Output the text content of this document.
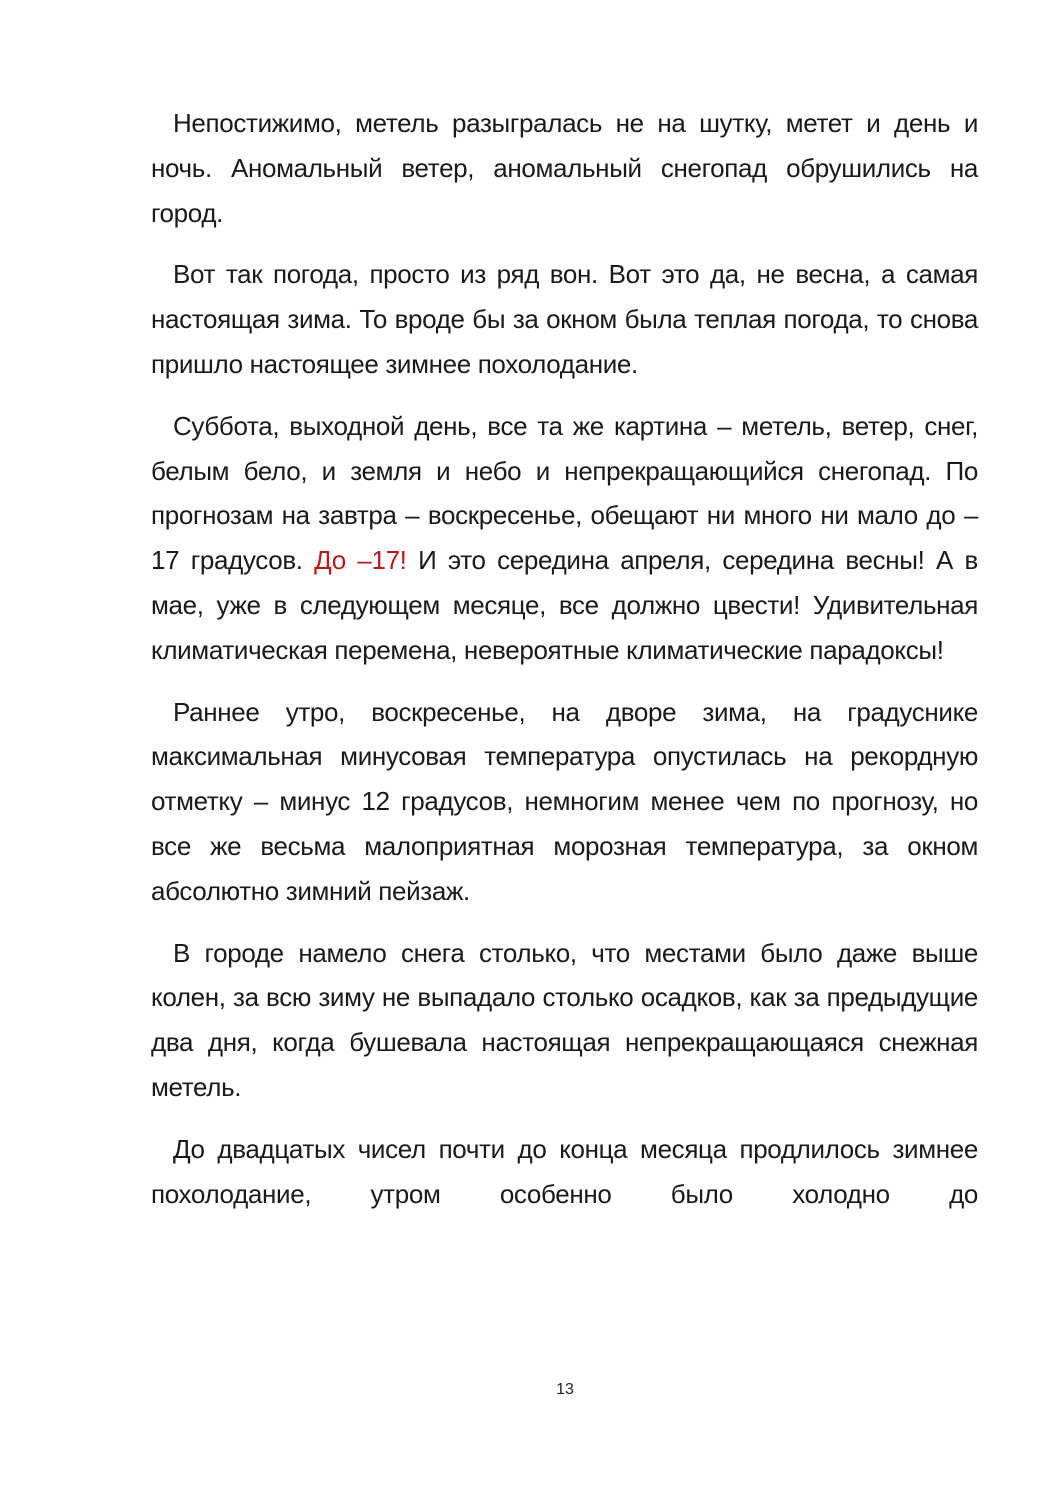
Непостижимо, метель разыгралась не на шутку, метет и день и ночь. Аномальный ветер, аномальный снегопад обрушились на город.

Вот так погода, просто из ряд вон. Вот это да, не весна, а самая настоящая зима. То вроде бы за окном была теплая погода, то снова пришло настоящее зимнее похолодание.

Суббота, выходной день, все та же картина – метель, ветер, снег, белым бело, и земля и небо и непрекращающийся снегопад. По прогнозам на завтра – воскресенье, обещают ни много ни мало до –17 градусов. До –17! И это середина апреля, середина весны! А в мае, уже в следующем месяце, все должно цвести! Удивительная климатическая перемена, невероятные климатические парадоксы!

Раннее утро, воскресенье, на дворе зима, на градуснике максимальная минусовая температура опустилась на рекордную отметку – минус 12 градусов, немногим менее чем по прогнозу, но все же весьма малоприятная морозная температура, за окном абсолютно зимний пейзаж.

В городе намело снега столько, что местами было даже выше колен, за всю зиму не выпадало столько осадков, как за предыдущие два дня, когда бушевала настоящая непрекращающаяся снежная метель.

До двадцатых чисел почти до конца месяца продлилось зимнее похолодание, утром особенно было холодно до

13
